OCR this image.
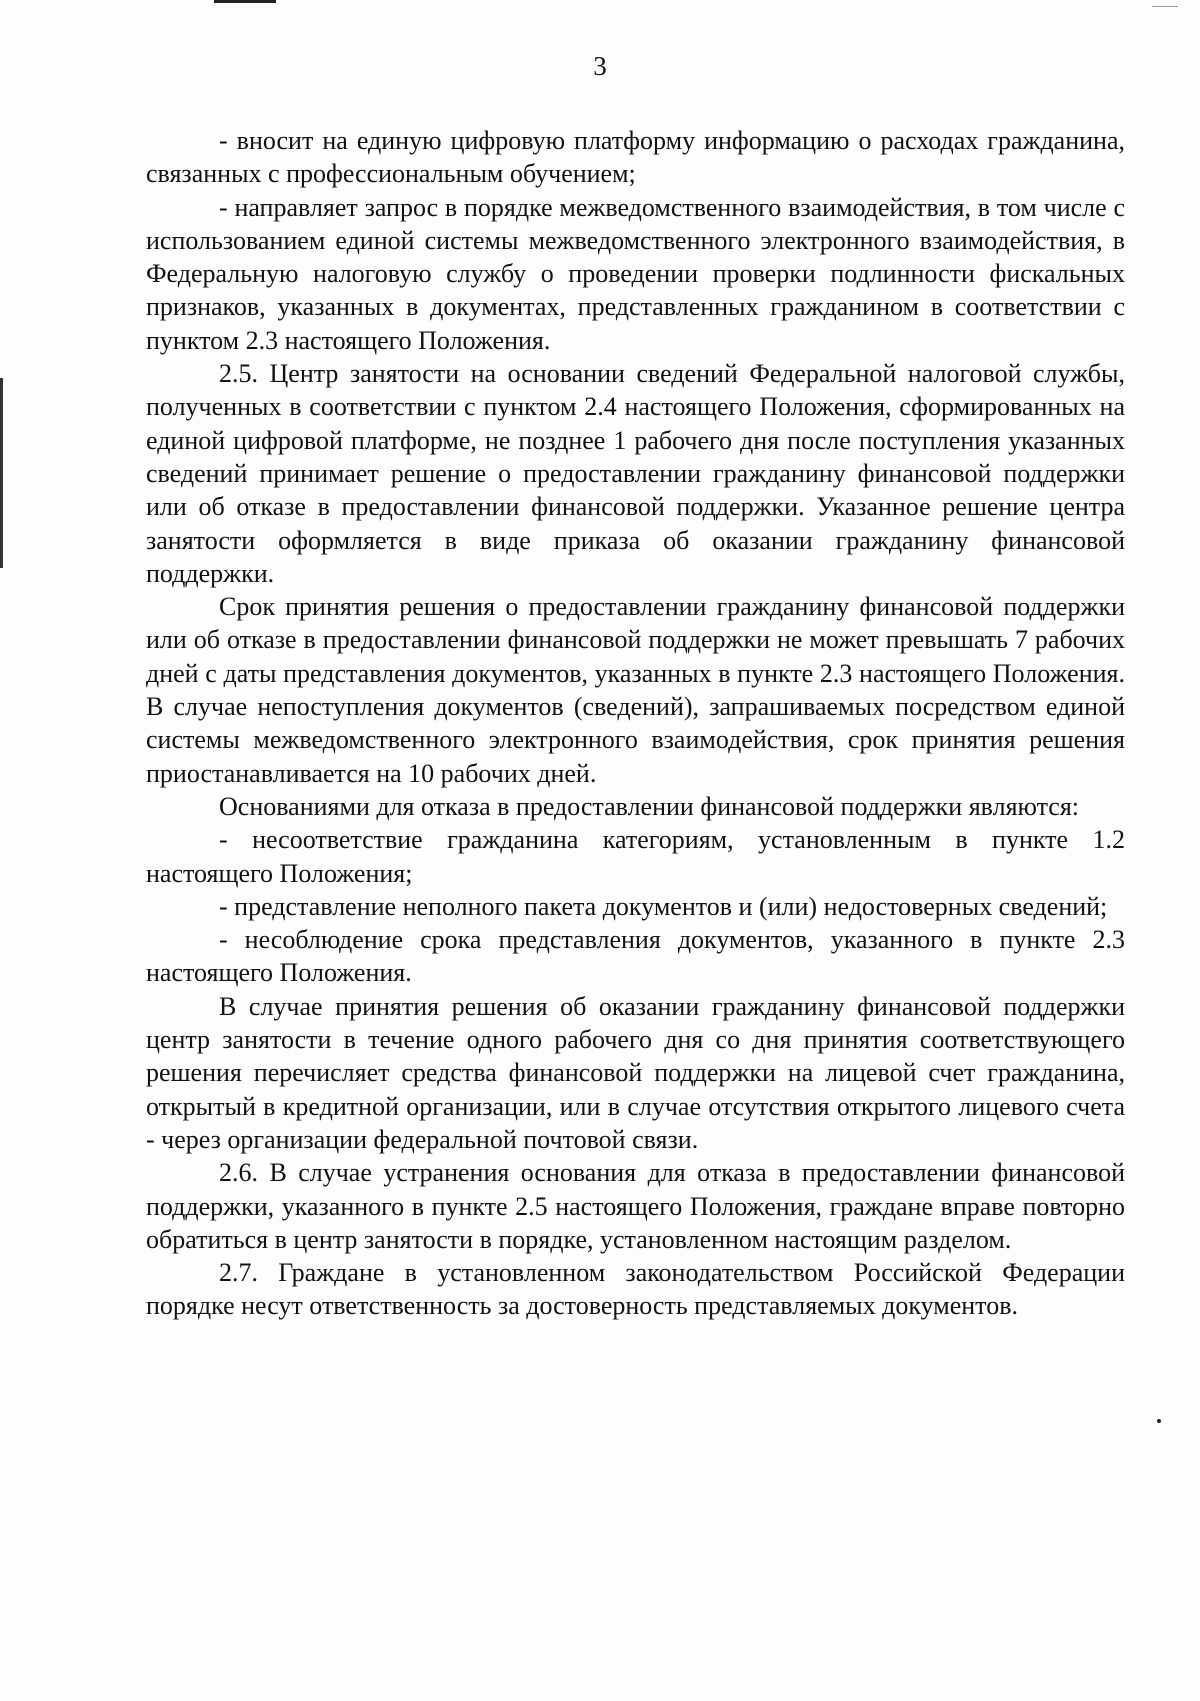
3

- вносит на единую цифровую платформу информацию о расходах гражданина, связанных с профессиональным обучением;

- направляет запрос в порядке межведомственного взаимодействия, в том числе с использованием единой системы межведомственного электронного взаимодействия, в Федеральную налоговую службу о проведении проверки подлинности фискальных признаков, указанных в документах, представленных гражданином в соответствии с пунктом 2.3 настоящего Положения.

2.5. Центр занятости на основании сведений Федеральной налоговой службы, полученных в соответствии с пунктом 2.4 настоящего Положения, сформированных на единой цифровой платформе, не позднее 1 рабочего дня после поступления указанных сведений принимает решение о предоставлении гражданину финансовой поддержки или об отказе в предоставлении финансовой поддержки. Указанное решение центра занятости оформляется в виде приказа об оказании гражданину финансовой поддержки.

Срок принятия решения о предоставлении гражданину финансовой поддержки или об отказе в предоставлении финансовой поддержки не может превышать 7 рабочих дней с даты представления документов, указанных в пункте 2.3 настоящего Положения. В случае непоступления документов (сведений), запрашиваемых посредством единой системы межведомственного электронного взаимодействия, срок принятия решения приостанавливается на 10 рабочих дней.

Основаниями для отказа в предоставлении финансовой поддержки являются:

- несоответствие гражданина категориям, установленным в пункте 1.2 настоящего Положения;

- представление неполного пакета документов и (или) недостоверных сведений;

- несоблюдение срока представления документов, указанного в пункте 2.3 настоящего Положения.

В случае принятия решения об оказании гражданину финансовой поддержки центр занятости в течение одного рабочего дня со дня принятия соответствующего решения перечисляет средства финансовой поддержки на лицевой счет гражданина, открытый в кредитной организации, или в случае отсутствия открытого лицевого счета - через организации федеральной почтовой связи.

2.6. В случае устранения основания для отказа в предоставлении финансовой поддержки, указанного в пункте 2.5 настоящего Положения, граждане вправе повторно обратиться в центр занятости в порядке, установленном настоящим разделом.

2.7. Граждане в установленном законодательством Российской Федерации порядке несут ответственность за достоверность представляемых документов.
